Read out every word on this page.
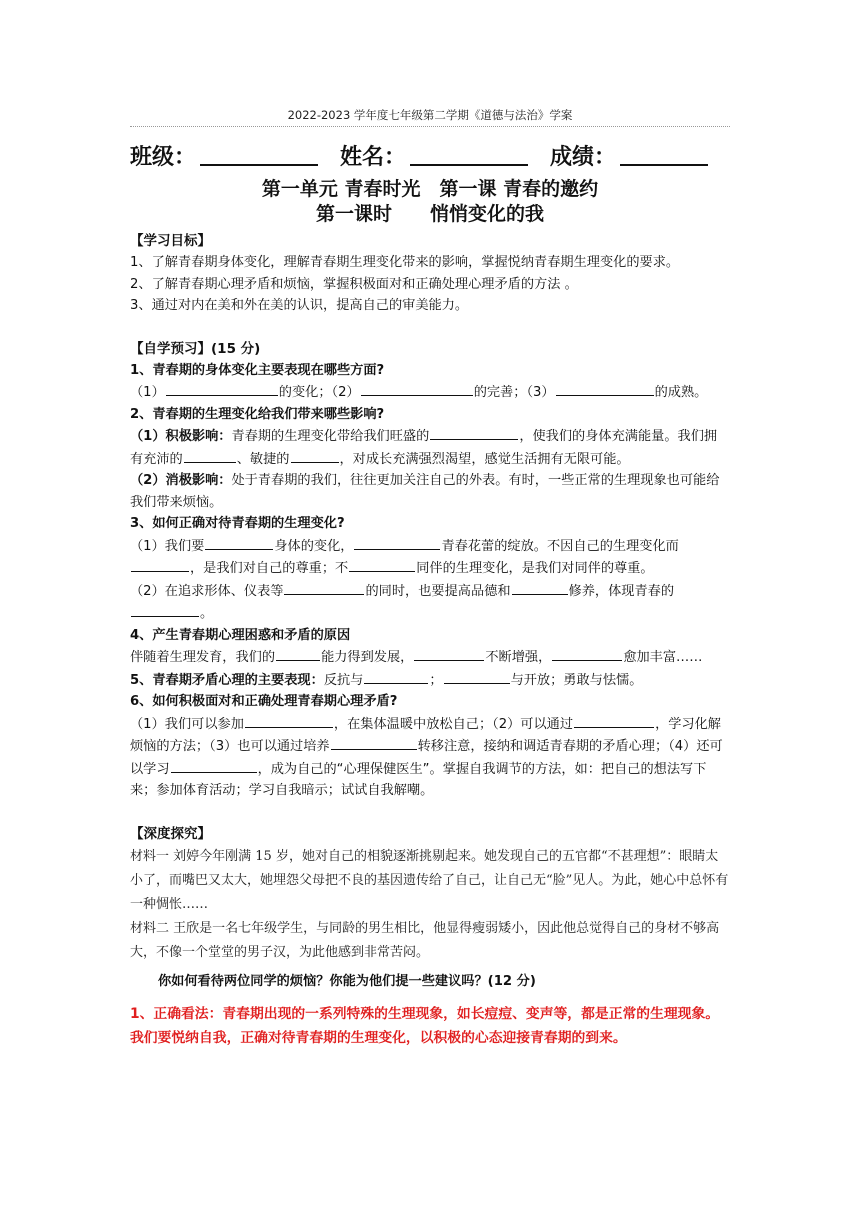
2022-2023 学年度七年级第二学期《道德与法治》学案
班级：	姓名：	成绩：
第一单元 青春时光　第一课 青春的邀约
第一课时　　悄悄变化的我
【学习目标】

1、了解青春期身体变化，理解青春期生理变化带来的影响，掌握悦纳青春期生理变化的要求。

2、了解青春期心理矛盾和烦恼，掌握积极面对和正确处理心理矛盾的方法 。

3、通过对内在美和外在美的认识，提高自己的审美能力。

【自学预习】(15 分)

1、青春期的身体变化主要表现在哪些方面?

（1）	的变化；（2）	的完善；（3）	的成熟。

2、青春期的生理变化给我们带来哪些影响?

（1）积极影响：青春期的生理变化带给我们旺盛的	，使我们的身体充满能量。我们拥有充沛的	、敏捷的	，对成长充满强烈渴望，感觉生活拥有无限可能。

（2）消极影响：处于青春期的我们，往往更加关注自己的外表。有时，一些正常的生理现象也可能给我们带来烦恼。

3、如何正确对待青春期的生理变化?

（1）我们要	身体的变化，	青春花蕾的绽放。不因自己的生理变化而，是我们对自己的尊重；不	同伴的生理变化，是我们对同伴的尊重。

（2）在追求形体、仪表等	的同时，也要提高品德和	修养，体现青春的。

4、产生青春期心理困惑和矛盾的原因

伴随着生理发育，我们的	能力得到发展，	不断增强，	愈加丰富……

5、青春期矛盾心理的主要表现：反抗与	；	与开放；勇敢与怯懦。

6、如何积极面对和正确处理青春期心理矛盾?

（1）我们可以参加	，在集体温暖中放松自己；（2）可以通过	，学习化解烦恼的方法；（3）也可以通过培养	转移注意，接纳和调适青春期的矛盾心理；（4）还可以学习	，成为自己的“心理保健医生”。掌握自我调节的方法，如：把自己的想法写下来；参加体育活动；学习自我暗示；试试自我解嘲。

【深度探究】

材料一 刘婷今年刚满 15 岁，她对自己的相貌逐渐挑剔起来。她发现自己的五官都“不甚理想”：眼睛太小了，而嘴巴又太大，她埋怨父母把不良的基因遗传给了自己，让自己无“脸”见人。为此，她心中总怀有一种惆怅……

材料二 王欣是一名七年级学生，与同龄的男生相比，他显得瘦弱矮小，因此他总觉得自己的身材不够高大，不像一个堂堂的男子汉，为此他感到非常苦闷。

你如何看待两位同学的烦恼？你能为他们提一些建议吗？(12 分)

1、正确看法：青春期出现的一系列特殊的生理现象，如长痘痘、变声等，都是正常的生理现象。我们要悦纳自我，正确对待青春期的生理变化，以积极的心态迎接青春期的到来。
